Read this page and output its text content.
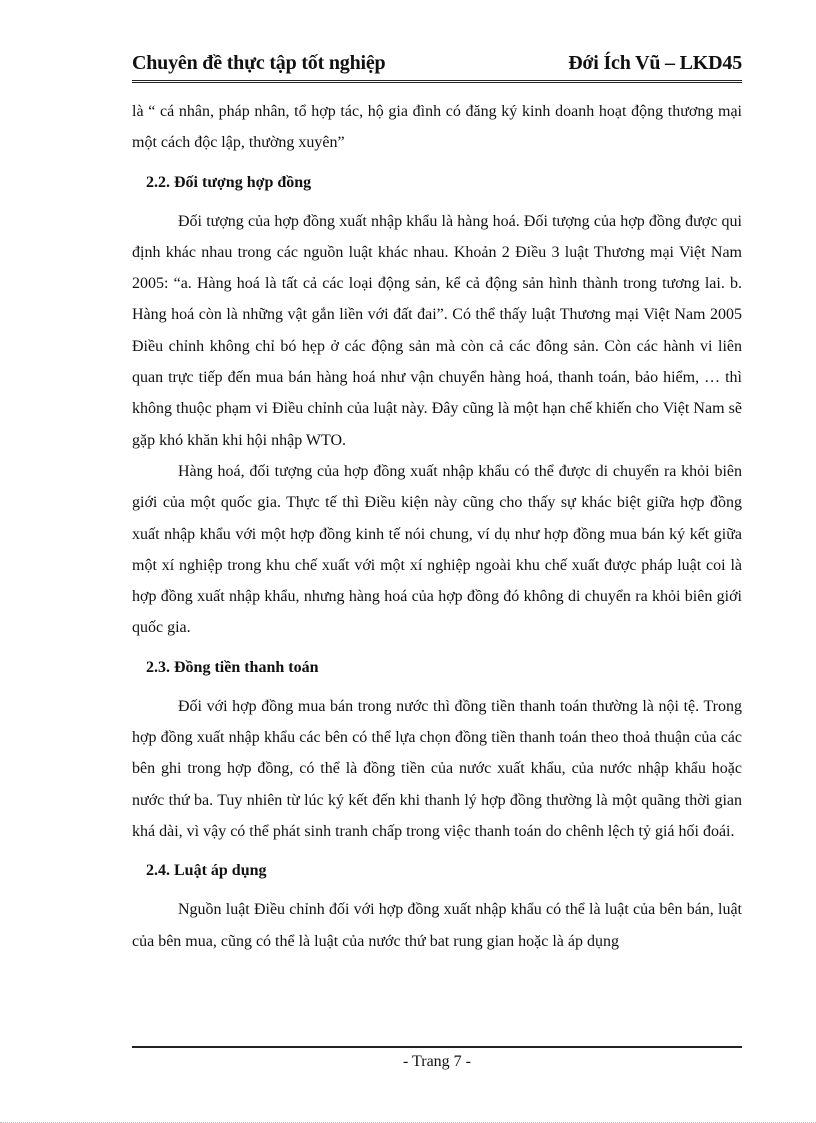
Chuyên đề thực tập tốt nghiệp	Đới Ích Vũ – LKD45

là “ cá nhân, pháp nhân, tổ hợp tác, hộ gia đình có đăng ký kinh doanh hoạt động thương mại một cách độc lập, thường xuyên”

2.2. Đối tượng hợp đồng

Đối tượng của hợp đồng xuất nhập khẩu là hàng hoá. Đối tượng của hợp đồng được qui định khác nhau trong các nguồn luật khác nhau. Khoản 2 Điều 3 luật Thương mại Việt Nam 2005: “a. Hàng hoá là tất cả các loại động sản, kể cả động sản hình thành trong tương lai. b. Hàng hoá còn là những vật gắn liền với đất đai”. Có thể thấy luật Thương mại Việt Nam 2005 Điều chỉnh không chỉ bó hẹp ở các động sản mà còn cả các đông sản. Còn các hành vi liên quan trực tiếp đến mua bán hàng hoá như vận chuyển hàng hoá, thanh toán, bảo hiểm, … thì không thuộc phạm vi Điều chỉnh của luật này. Đây cũng là một hạn chế khiến cho Việt Nam sẽ gặp khó khăn khi hội nhập WTO.

Hàng hoá, đối tượng của hợp đồng xuất nhập khẩu có thể được di chuyển ra khỏi biên giới của một quốc gia. Thực tế thì Điều kiện này cũng cho thấy sự khác biệt giữa hợp đồng xuất nhập khẩu với một hợp đồng kinh tế nói chung, ví dụ như hợp đồng mua bán ký kết giữa một xí nghiệp trong khu chế xuất với một xí nghiệp ngoài khu chế xuất được pháp luật coi là hợp đồng xuất nhập khẩu, nhưng hàng hoá của hợp đồng đó không di chuyển ra khỏi biên giới quốc gia.

2.3. Đồng tiền thanh toán

Đối với hợp đồng mua bán trong nước thì đồng tiền thanh toán thường là nội tệ. Trong hợp đồng xuất nhập khẩu các bên có thể lựa chọn đồng tiền thanh toán theo thoả thuận của các bên ghi trong hợp đồng, có thể là đồng tiền của nước xuất khẩu, của nước nhập khẩu hoặc nước thứ ba. Tuy nhiên từ lúc ký kết đến khi thanh lý hợp đồng thường là một quãng thời gian khá dài, vì vậy có thể phát sinh tranh chấp trong việc thanh toán do chênh lệch tỷ giá hối đoái.

2.4. Luật áp dụng

Nguồn luật Điều chỉnh đối với hợp đồng xuất nhập khẩu có thể là luật của bên bán, luật của bên mua, cũng có thể là luật của nước thứ bat rung gian hoặc là áp dụng

- Trang 7 -
